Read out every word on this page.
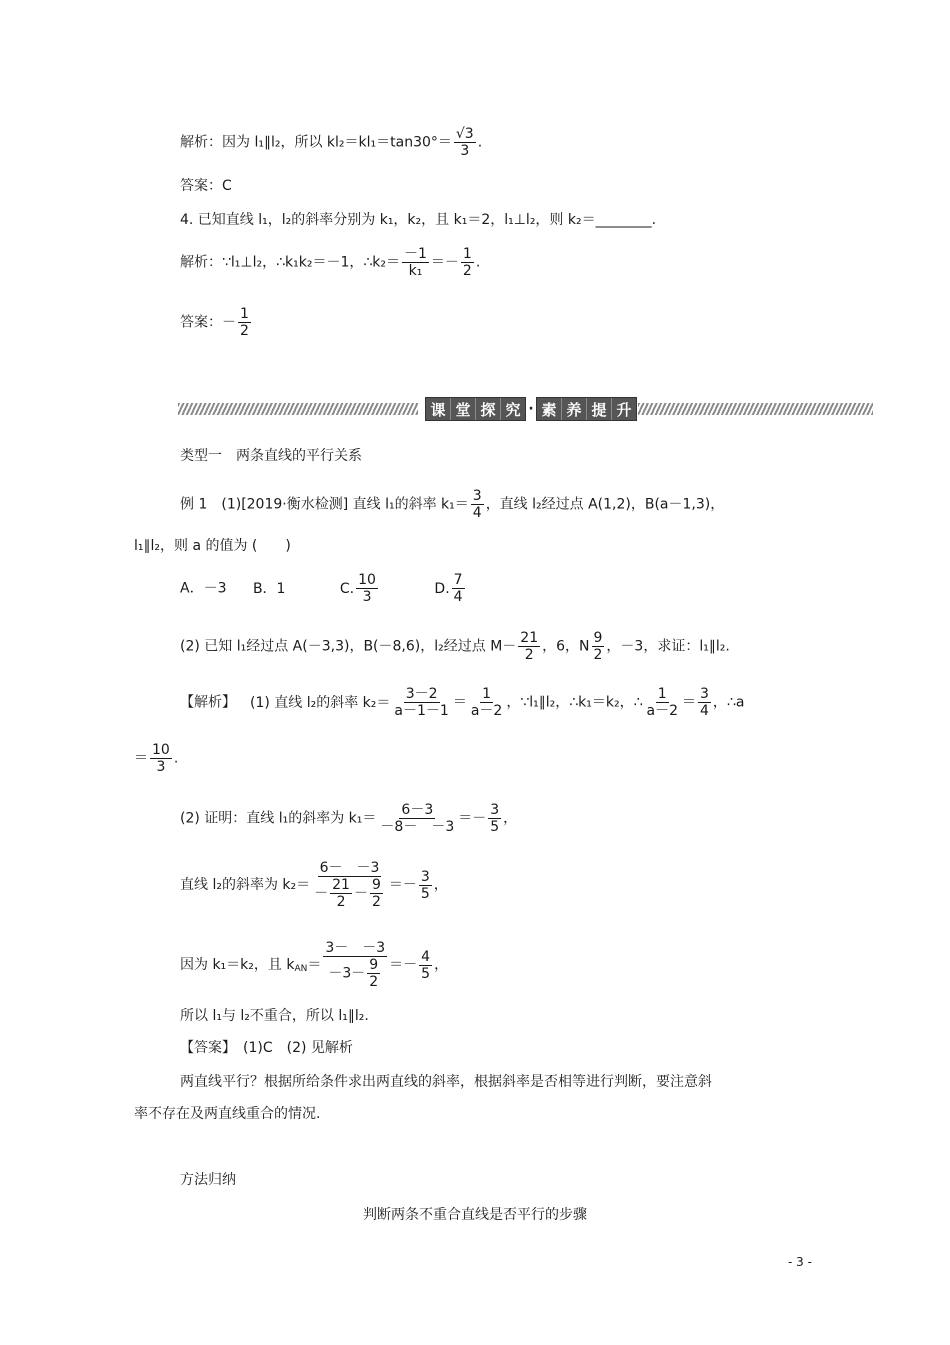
解析：因为 l₁∥l₂，所以 $kl_2=kl_1=\tan 30^\circ= \frac{√3}{3}$ .
答案：C
4. 已知直线 l₁，l₂的斜率分别为 k₁，k₂，且 k₁＝2，l₁⊥l₂，则 k₂＝________.
解析：∵l₁⊥l₂，∴k₁k₂＝－1，∴k₂＝ $\frac{-1}{\text{k₁}} =- \frac{1}{2}$ .
答案：－ $\frac{1}{2}$
课 堂 探 究 · 素 养 提 升
类型一　两条直线的平行关系
例 1　(1)[2019·衡水检测] 直线 l₁的斜率 $k_1= \frac{3}{4}$ ，直线 l₂经过点 A(1,2)，B(a－1,3)，
l₁∥l₂，则 a 的值为 (　　)
A．－3 B．1	C. $\frac{10}{3}$	D. $\frac{7}{4}$
(2) 已知 l₁经过点 A(－3,3)，B(－8,6)，l₂经过点 $M- \frac{21}{2}$ ，6，N $\frac{9}{2}$ ，－3，求证：l₁∥l₂.
【解析】 (1) 直线 l₂的斜率 $k_2= \frac{3-2}{a-1-1} = \frac{1}{a-2}$ ，∵l₁∥l₂，∴k₁＝k₂，∴ $\frac{1}{a-2} = \frac{3}{4}$ ，∴a
＝ $\frac{10}{3}$ .
(2) 证明：直线 l₁的斜率为 $k_1= \frac{6-3}{-8- -3} =- \frac{3}{5}$ ，
直线 l₂的斜率为 $k_2= \frac{6- -3}{- \frac{21}{2} - \frac{9}{2}} =- \frac{3}{5}$ ，
因为 k₁＝k₂，且 $k_{AN}= \frac{3- -3}{-3- \frac{9}{2}} =- \frac{4}{5}$ ，
所以 l₁与 l₂不重合，所以 l₁∥l₂.
【答案】　(1)C　(2) 见解析
两直线平行？根据所给条件求出两直线的斜率，根据斜率是否相等进行判断，要注意斜
率不存在及两直线重合的情况.
方法归纳
判断两条不重合直线是否平行的步骤
- 3 -
